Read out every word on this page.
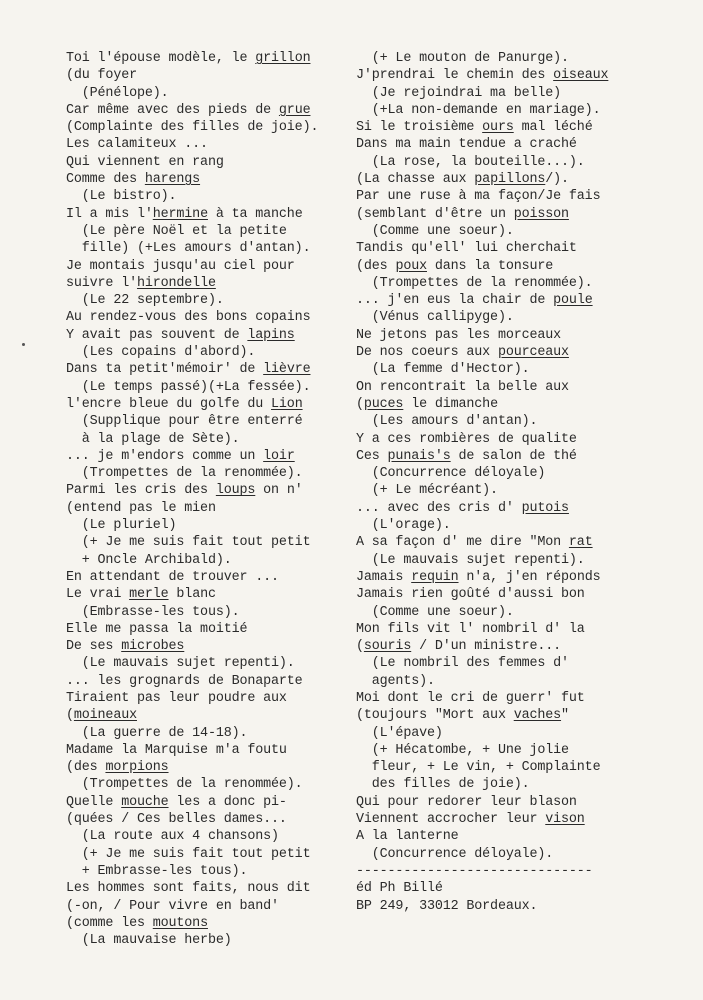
Toi l'épouse modèle, le grillon
(du foyer
(Pénélope).
Car même avec des pieds de grue
(Complainte des filles de joie).
Les calamiteux ...
Qui viennent en rang
Comme des harengs
(Le bistro).
Il a mis l'hermine à ta manche
(Le père Noël et la petite
fille) (+Les amours d'antan).
Je montais jusqu'au ciel pour
suivre l'hirondelle
(Le 22 septembre).
Au rendez-vous des bons copains
Y avait pas souvent de lapins
(Les copains d'abord).
Dans ta petit'mémoir' de lièvre
(Le temps passé)(+La fessée).
l'encre bleue du golfe du Lion
(Supplique pour être enterré
à la plage de Sète).
... je m'endors comme un loir
(Trompettes de la renommée).
Parmi les cris des loups on n'
(entend pas le mien
(Le pluriel)
(+ Je me suis fait tout petit
+ Oncle Archibald).
En attendant de trouver ...
Le vrai merle blanc
(Embrasse-les tous).
Elle me passa la moitié
De ses microbes
(Le mauvais sujet repenti).
... les grognards de Bonaparte
Tiraient pas leur poudre aux
(moineaux
(La guerre de 14-18).
Madame la Marquise m'a foutu
(des morpions
(Trompettes de la renommée).
Quelle mouche les a donc pi-
(quées / Ces belles dames...
(La route aux 4 chansons)
(+ Je me suis fait tout petit
+ Embrasse-les tous).
Les hommes sont faits, nous dit
(-on, / Pour vivre en band'
(comme les moutons
(La mauvaise herbe)
(+ Le mouton de Panurge).
J'prendrai le chemin des oiseaux
(Je rejoindrai ma belle)
(+La non-demande en mariage).
Si le troisième ours mal léché
Dans ma main tendue a craché
(La rose, la bouteille...).
(La chasse aux papillons/).
Par une ruse à ma façon/Je fais
(semblant d'être un poisson
(Comme une soeur).
Tandis qu'ell' lui cherchait
(des poux dans la tonsure
(Trompettes de la renommée).
... j'en eus la chair de poule
(Vénus callipyge).
Ne jetons pas les morceaux
De nos coeurs aux pourceaux
(La femme d'Hector).
On rencontrait la belle aux
(puces le dimanche
(Les amours d'antan).
Y a ces rombières de qualite
Ces punais's de salon de thé
(Concurrence déloyale)
(+ Le mécréant).
... avec des cris d' putois
(L'orage).
A sa façon d' me dire "Mon rat
(Le mauvais sujet repenti).
Jamais requin n'a, j'en réponds
Jamais rien goûté d'aussi bon
(Comme une soeur).
Mon fils vit l' nombril d' la
(souris / D'un ministre...
(Le nombril des femmes d'
agents).
Moi dont le cri de guerr' fut
(toujours "Mort aux vaches"
(L'épave)
(+ Hécatombe, + Une jolie
fleur, + Le vin, + Complainte
des filles de joie).
Qui pour redorer leur blason
Viennent accrocher leur vison
A la lanterne
(Concurrence déloyale).
------------------------------
éd Ph Billé
BP 249, 33012 Bordeaux.
